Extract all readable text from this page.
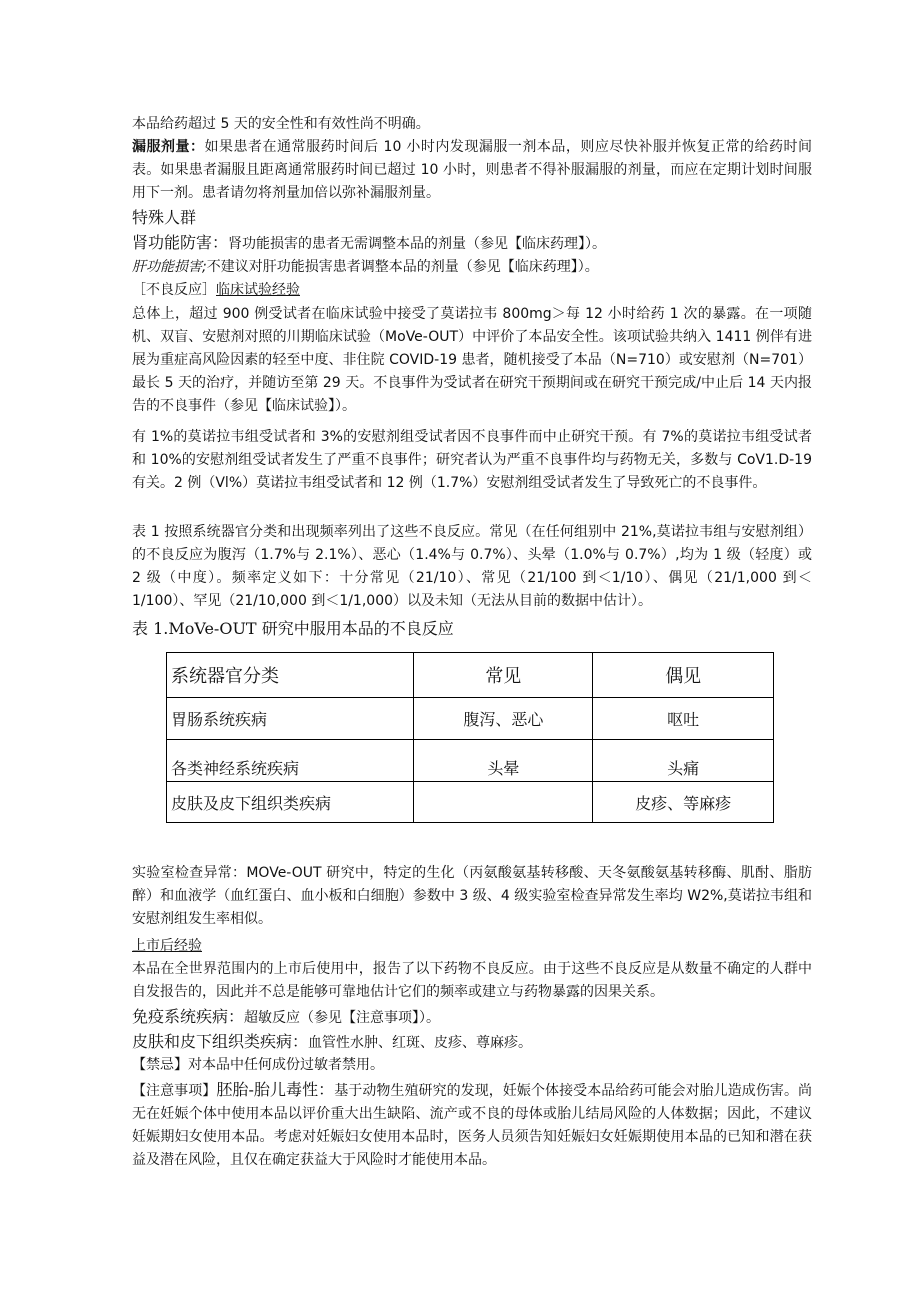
本品给药超过 5 天的安全性和有效性尚不明确。
漏服剂量：如果患者在通常服药时间后 10 小时内发现漏服一剂本品，则应尽快补服并恢复正常的给药时间表。如果患者漏服且距离通常服药时间已超过 10 小时，则患者不得补服漏服的剂量，而应在定期计划时间服用下一剂。患者请勿将剂量加倍以弥补漏服剂量。
特殊人群
肾功能防害：肾功能损害的患者无需调整本品的剂量（参见【临床药理】）。
肝功能损害;不建议对肝功能损害患者调整本品的剂量（参见【临床药理】）。
［不良反应］临床试验经验
总体上，超过 900 例受试者在临床试验中接受了莫诺拉韦 800mg＞每 12 小时给药 1 次的暴露。在一项随机、双盲、安慰剂对照的川期临床试验（MoVe-OUT）中评价了本品安全性。该项试验共纳入 1411 例伴有进展为重症高风险因素的轻至中度、非住院 COVID-19 患者，随机接受了本品（N=710）或安慰剂（N=701）最长 5 天的治疗，并随访至第 29 天。不良事件为受试者在研究干预期间或在研究干预完成/中止后 14 天内报告的不良事件（参见【临床试验】）。
有 1%的莫诺拉韦组受试者和 3%的安慰剂组受试者因不良事件而中止研究干预。有 7%的莫诺拉韦组受试者和 10%的安慰剂组受试者发生了严重不良事件；研究者认为严重不良事件均与药物无关，多数与 CoV1.D-19 有关。2 例（Vl%）莫诺拉韦组受试者和 12 例（1.7%）安慰剂组受试者发生了导致死亡的不良事件。
表 1 按照系统器官分类和出现频率列出了这些不良反应。常见（在任何组别中 21%,莫诺拉韦组与安慰剂组）的不良反应为腹泻（1.7%与 2.1%）、恶心（1.4%与 0.7%）、头晕（1.0%与 0.7%）,均为 1 级（轻度）或 2 级（中度）。频率定义如下：十分常见（21/10）、常见（21/100 到＜1/10）、偶见（21/1,000 到＜1/100）、罕见（21/10,000 到＜1/1,000）以及未知（无法从目前的数据中估计）。
表 1.MoVe-OUT 研究中服用本品的不良反应
系统器官分类	常见	偶见
胃肠系统疾病	腹泻、恶心	呕吐
各类神经系统疾病	头晕	头痛
皮肤及皮下组织类疾病		皮疹、等麻疹
实验室检查异常：MOVe-OUT 研究中，特定的生化（丙氨酸氨基转移酸、天冬氨酸氨基转移酶、肌酎、脂肪醉）和血液学（血红蛋白、血小板和白细胞）参数中 3 级、4 级实验室检查异常发生率均 W2%,莫诺拉韦组和安慰剂组发生率相似。
上市后经验
本品在全世界范围内的上市后使用中，报告了以下药物不良反应。由于这些不良反应是从数量不确定的人群中自发报告的，因此并不总是能够可靠地估计它们的频率或建立与药物暴露的因果关系。
免疫系统疾病：超敏反应（参见【注意事项】）。
皮肤和皮下组织类疾病：血管性水肿、红斑、皮疹、尊麻疹。
【禁忌】对本品中任何成份过敏者禁用。
【注意事项】胚胎-胎儿毒性：基于动物生殖研究的发现，妊娠个体接受本品给药可能会对胎儿造成伤害。尚无在妊娠个体中使用本品以评价重大出生缺陷、流产或不良的母体或胎儿结局风险的人体数据；因此，不建议妊娠期妇女使用本品。考虑对妊娠妇女使用本品时，医务人员须告知妊娠妇女妊娠期使用本品的已知和潜在获益及潜在风险，且仅在确定获益大于风险时才能使用本品。
